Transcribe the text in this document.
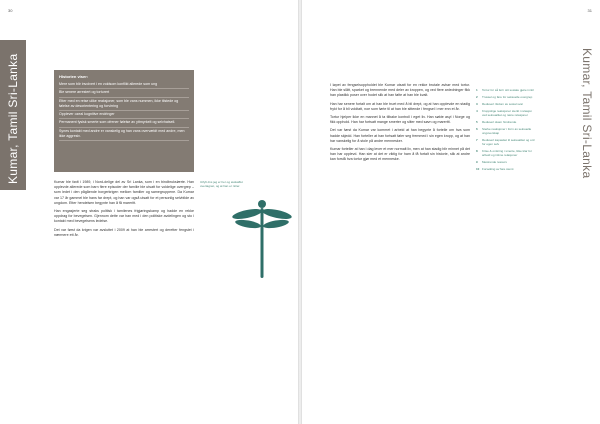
30
Kumar, Tamil Sri-Lanka	Historien viser:
Mere som blir involvert i en voldsom konflikt allerede som ung
Ble senere arrestert og torturert
Etter med en reise ulike reaksjoner, som ble vans nummen, ikke tilstede og følelse av desorientering og forvirring
Opplever ozeal kognitive endringer
Permanent fysisk smerte som ofrener følelse av yttmyrkelt og selvhatsell.
Synes kontakt med andre er vanskelig og han vans overvældt med andre, men ikke aggresiv.

Kumar ble født i 1989, i Nord-delige del av Sri Lanka, som i en bindbrukslærte. Han opplevde allerede som barn flere episoder der familie ble utsatt for voldelige overgrep – som ledet i den pågående borgerkrigen mellom familier og samegruppene. Da Kumar var 17 år gammel ble hans far drept, og han var også utsatt for et personlig selvbilde av ungdom. Etter hendelsen begynte han å få mareritt.

Han engasjerte seg straks politisk i tamilenes frigjøringskamp og hadde en rekke oppdrag for bevegelsen. Gjennom dette var han med i den politiske avdelingen og sto i kontakt med bevegelsens ledelse.

Det var først da krigen var avsluttet i 2009 at han ble arrestert og deretter fengslet i nærmere ett år.

Utfylt dvs jeg er her og avskaffet overtagnet, og at han er nitrer.
31

I løpet av fengselsoppholdet ble Kumar utsatt for en rekke brutale avhør med tortur. Han ble slått, sparket og brennende med deler av kroppen, og ved flere anledninger fikk han plastikk poser over hodet slik at han følte at han ble kvalt.

Han har senere fortalt om at han ble truet med å bli drept, og at han opplevde en stadig frykt for å bli voldtatt, noe som førte til at han ble sittende i fengsel i mer enn et år.

Tortur hjelper ikke en mannet å ta tilbake kontroll i eget liv. Han søkte asyl i Norge og fikk opphold. Han har fortsatt mange smerter og sliter med søvn og mareritt.

Det var først da Kumar var kommet i arbeid at han begynte å fortelle om hva som hadde skjedd. Han forteller at han fortsatt føler seg fremmed i sin egen kropp, og at han har vanskelig for å stole på andre mennesker.

Kumar forteller at han i dag lever et mer normalt liv, men at han stadig blir minnet på det han har opplevd. Han sier at det er viktig for ham å få fortalt sin historie, slik at andre kan forstå hva tortur gjør med et menneske.

1	Tortur for så feil i sitt sosiale gjøre inntil
2	Trussel og fare for seksuelle overgrep
3	Redusert rikdom av sosial svar
4	Kroppslige reaksjoner sterkt i relasjon ved seksualitet og nære relasjoner
5	Redusert skam hindrende
6	Sterke reaksjoner i form av seksuelle ungoverskap
7	Redusert kapasitet til seksualitet og ord for egen selv
8	Krise & omkring i smerte, Ikke klar for arbeid og intime relasjoner
9	Mestrende ressurs
10 Forsøking av fare stemt	Kumar, Tamil Sri-Lanka
